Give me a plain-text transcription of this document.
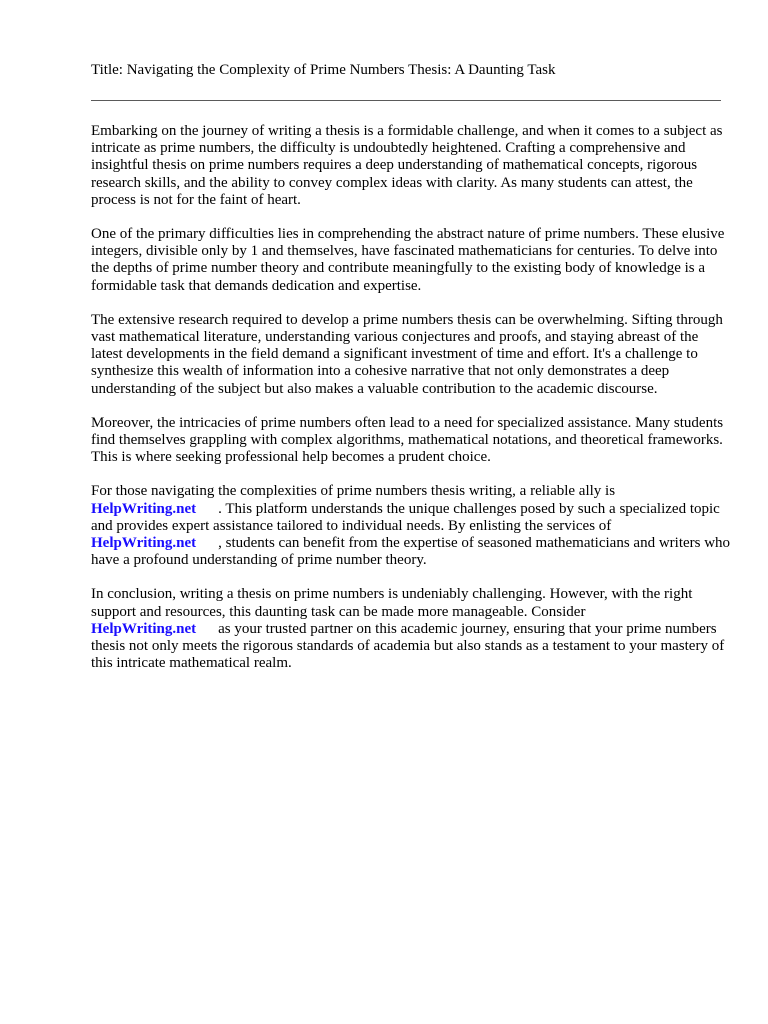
Title: Navigating the Complexity of Prime Numbers Thesis: A Daunting Task

Embarking on the journey of writing a thesis is a formidable challenge, and when it comes to a subject as intricate as prime numbers, the difficulty is undoubtedly heightened. Crafting a comprehensive and insightful thesis on prime numbers requires a deep understanding of mathematical concepts, rigorous research skills, and the ability to convey complex ideas with clarity. As many students can attest, the process is not for the faint of heart.

One of the primary difficulties lies in comprehending the abstract nature of prime numbers. These elusive integers, divisible only by 1 and themselves, have fascinated mathematicians for centuries. To delve into the depths of prime number theory and contribute meaningfully to the existing body of knowledge is a formidable task that demands dedication and expertise.

The extensive research required to develop a prime numbers thesis can be overwhelming. Sifting through vast mathematical literature, understanding various conjectures and proofs, and staying abreast of the latest developments in the field demand a significant investment of time and effort. It's a challenge to synthesize this wealth of information into a cohesive narrative that not only demonstrates a deep understanding of the subject but also makes a valuable contribution to the academic discourse.

Moreover, the intricacies of prime numbers often lead to a need for specialized assistance. Many students find themselves grappling with complex algorithms, mathematical notations, and theoretical frameworks. This is where seeking professional help becomes a prudent choice.

For those navigating the complexities of prime numbers thesis writing, a reliable ally is
HelpWriting.net . This platform understands the unique challenges posed by such a specialized topic and provides expert assistance tailored to individual needs. By enlisting the services of
HelpWriting.net , students can benefit from the expertise of seasoned mathematicians and writers who have a profound understanding of prime number theory.

In conclusion, writing a thesis on prime numbers is undeniably challenging. However, with the right support and resources, this daunting task can be made more manageable. Consider
HelpWriting.net as your trusted partner on this academic journey, ensuring that your prime numbers thesis not only meets the rigorous standards of academia but also stands as a testament to your mastery of this intricate mathematical realm.
